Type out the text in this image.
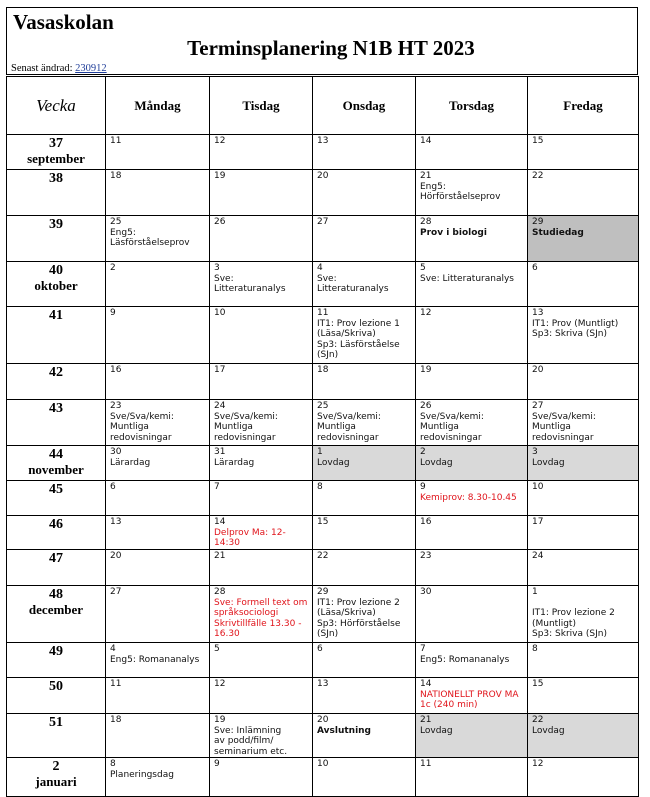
Vasaskolan
Terminsplanering N1B HT 2023
Senast ändrad: 230912
Vecka	Måndag	Tisdag	Onsdag	Torsdag	Fredag

37
september	11	12	13	14	15

38	18	19	20	21
Eng5:
Hörförståelseprov	22

39	25
Eng5:
Läsförståelseprov	26	27	28
Prov i biologi	29
Studiedag

40
oktober	2	3
Sve:
Litteraturanalys	4
Sve:
Litteraturanalys	5
Sve: Litteraturanalys	6

41	9	10	11
IT1: Prov lezione 1
(Läsa/Skriva)
Sp3: Läsförståelse
(SJn)	12	13
IT1: Prov (Muntligt)
Sp3: Skriva (SJn)

42	16	17	18	19	20

43	23
Sve/Sva/kemi:
Muntliga
redovisningar	24
Sve/Sva/kemi:
Muntliga
redovisningar	25
Sve/Sva/kemi:
Muntliga
redovisningar	26
Sve/Sva/kemi:
Muntliga
redovisningar	27
Sve/Sva/kemi:
Muntliga
redovisningar

44
november	30
Lärardag	31
Lärardag	1
Lovdag	2
Lovdag	3
Lovdag

45	6	7	8	9
Kemiprov: 8.30-10.45	10

46	13	14
Delprov Ma: 12-
14:30	15	16	17

47	20	21	22	23	24

48
december	27	28
Sve: Formell text om
språksociologi
Skrivtillfälle 13.30 -
16.30	29
IT1: Prov lezione 2
(Läsa/Skriva)
Sp3: Hörförståelse
(SJn)	30	1

IT1: Prov lezione 2
(Muntligt)
Sp3: Skriva (SJn)

49	4
Eng5: Romananalys	5	6	7
Eng5: Romananalys	8

50	11	12	13	14
NATIONELLT PROV MA 1c (240 min)	15

51	18	19
Sve: Inlämning
av podd/film/
seminarium etc.	20
Avslutning	21
Lovdag	22
Lovdag

2
januari	8
Planeringsdag	9	10	11	12
